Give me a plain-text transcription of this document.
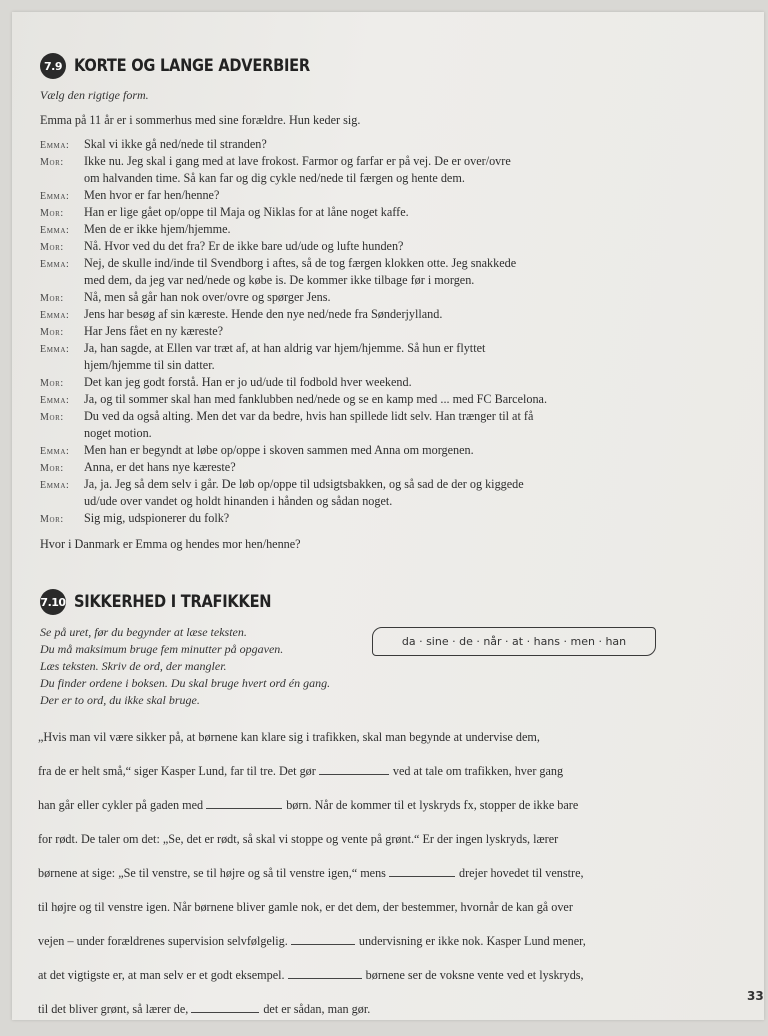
7.9 KORTE OG LANGE ADVERBIER
Vælg den rigtige form.
Emma på 11 år er i sommerhus med sine forældre. Hun keder sig.
Emma:	Skal vi ikke gå ned/nede til stranden?
Mor:	Ikke nu. Jeg skal i gang med at lave frokost. Farmor og farfar er på vej. De er over/ovre
om halvanden time. Så kan far og dig cykle ned/nede til færgen og hente dem.
Emma:	Men hvor er far hen/henne?
Mor:	Han er lige gået op/oppe til Maja og Niklas for at låne noget kaffe.
Emma:	Men de er ikke hjem/hjemme.
Mor:	Nå. Hvor ved du det fra? Er de ikke bare ud/ude og lufte hunden?
Emma:	Nej, de skulle ind/inde til Svendborg i aftes, så de tog færgen klokken otte. Jeg snakkede
med dem, da jeg var ned/nede og købe is. De kommer ikke tilbage før i morgen.
Mor:	Nå, men så går han nok over/ovre og spørger Jens.
Emma:	Jens har besøg af sin kæreste. Hende den nye ned/nede fra Sønderjylland.
Mor:	Har Jens fået en ny kæreste?
Emma:	Ja, han sagde, at Ellen var træt af, at han aldrig var hjem/hjemme. Så hun er flyttet
hjem/hjemme til sin datter.
Mor:	Det kan jeg godt forstå. Han er jo ud/ude til fodbold hver weekend.
Emma:	Ja, og til sommer skal han med fanklubben ned/nede og se en kamp med ... med FC Barcelona.
Mor:	Du ved da også alting. Men det var da bedre, hvis han spillede lidt selv. Han trænger til at få
noget motion.
Emma:	Men han er begyndt at løbe op/oppe i skoven sammen med Anna om morgenen.
Mor:	Anna, er det hans nye kæreste?
Emma:	Ja, ja. Jeg så dem selv i går. De løb op/oppe til udsigtsbakken, og så sad de der og kiggede
ud/ude over vandet og holdt hinanden i hånden og sådan noget.
Mor:	Sig mig, udspionerer du folk?
Hvor i Danmark er Emma og hendes mor hen/henne?
7.10 SIKKERHED I TRAFIKKEN
Se på uret, før du begynder at læse teksten.
Du må maksimum bruge fem minutter på opgaven.
Læs teksten. Skriv de ord, der mangler.
Du finder ordene i boksen. Du skal bruge hvert ord én gang.
Der er to ord, du ikke skal bruge.
da · sine · de · når · at · hans · men · han
„Hvis man vil være sikker på, at børnene kan klare sig i trafikken, skal man begynde at undervise dem,
fra de er helt små,“ siger Kasper Lund, far til tre. Det gør	ved at tale om trafikken, hver gang
han går eller cykler på gaden med	børn. Når de kommer til et lyskryds fx, stopper de ikke bare
for rødt. De taler om det: „Se, det er rødt, så skal vi stoppe og vente på grønt.“ Er der ingen lyskryds, lærer
børnene at sige: „Se til venstre, se til højre og så til venstre igen,“ mens	drejer hovedet til venstre,
til højre og til venstre igen. Når børnene bliver gamle nok, er det dem, der bestemmer, hvornår de kan gå over
vejen – under forældrenes supervision selvfølgelig.	undervisning er ikke nok. Kasper Lund mener,
at det vigtigste er, at man selv er et godt eksempel.	børnene ser de voksne vente ved et lyskryds,
til det bliver grønt, så lærer de,	det er sådan, man gør.
33
